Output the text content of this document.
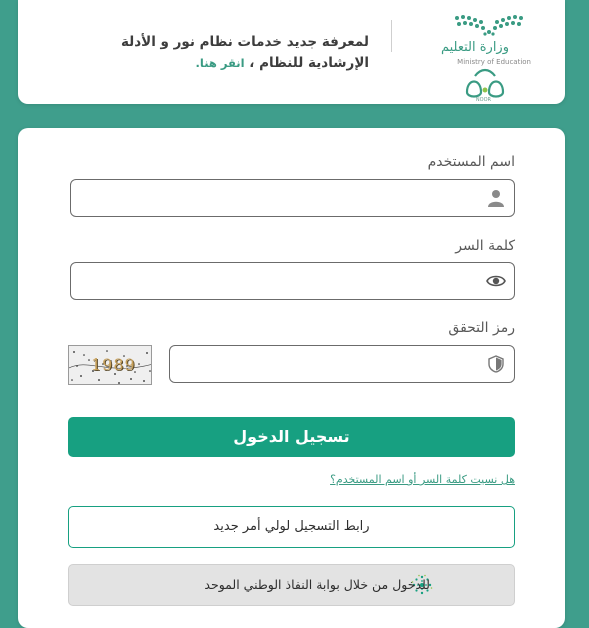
وزارة التعليم
Ministry of Education
NOOR
لمعرفة جديد خدمات نظام نور و الأدلة الإرشادية للنظام ، انقر هنا.
اسم المستخدم
كلمة السر
رمز التحقق
1989
تسجيل الدخول
هل نسيت كلمة السر أو اسم المستخدم؟
رابط التسجيل لولي أمر جديد
للدخول من خلال بوابة النفاذ الوطني الموحد
